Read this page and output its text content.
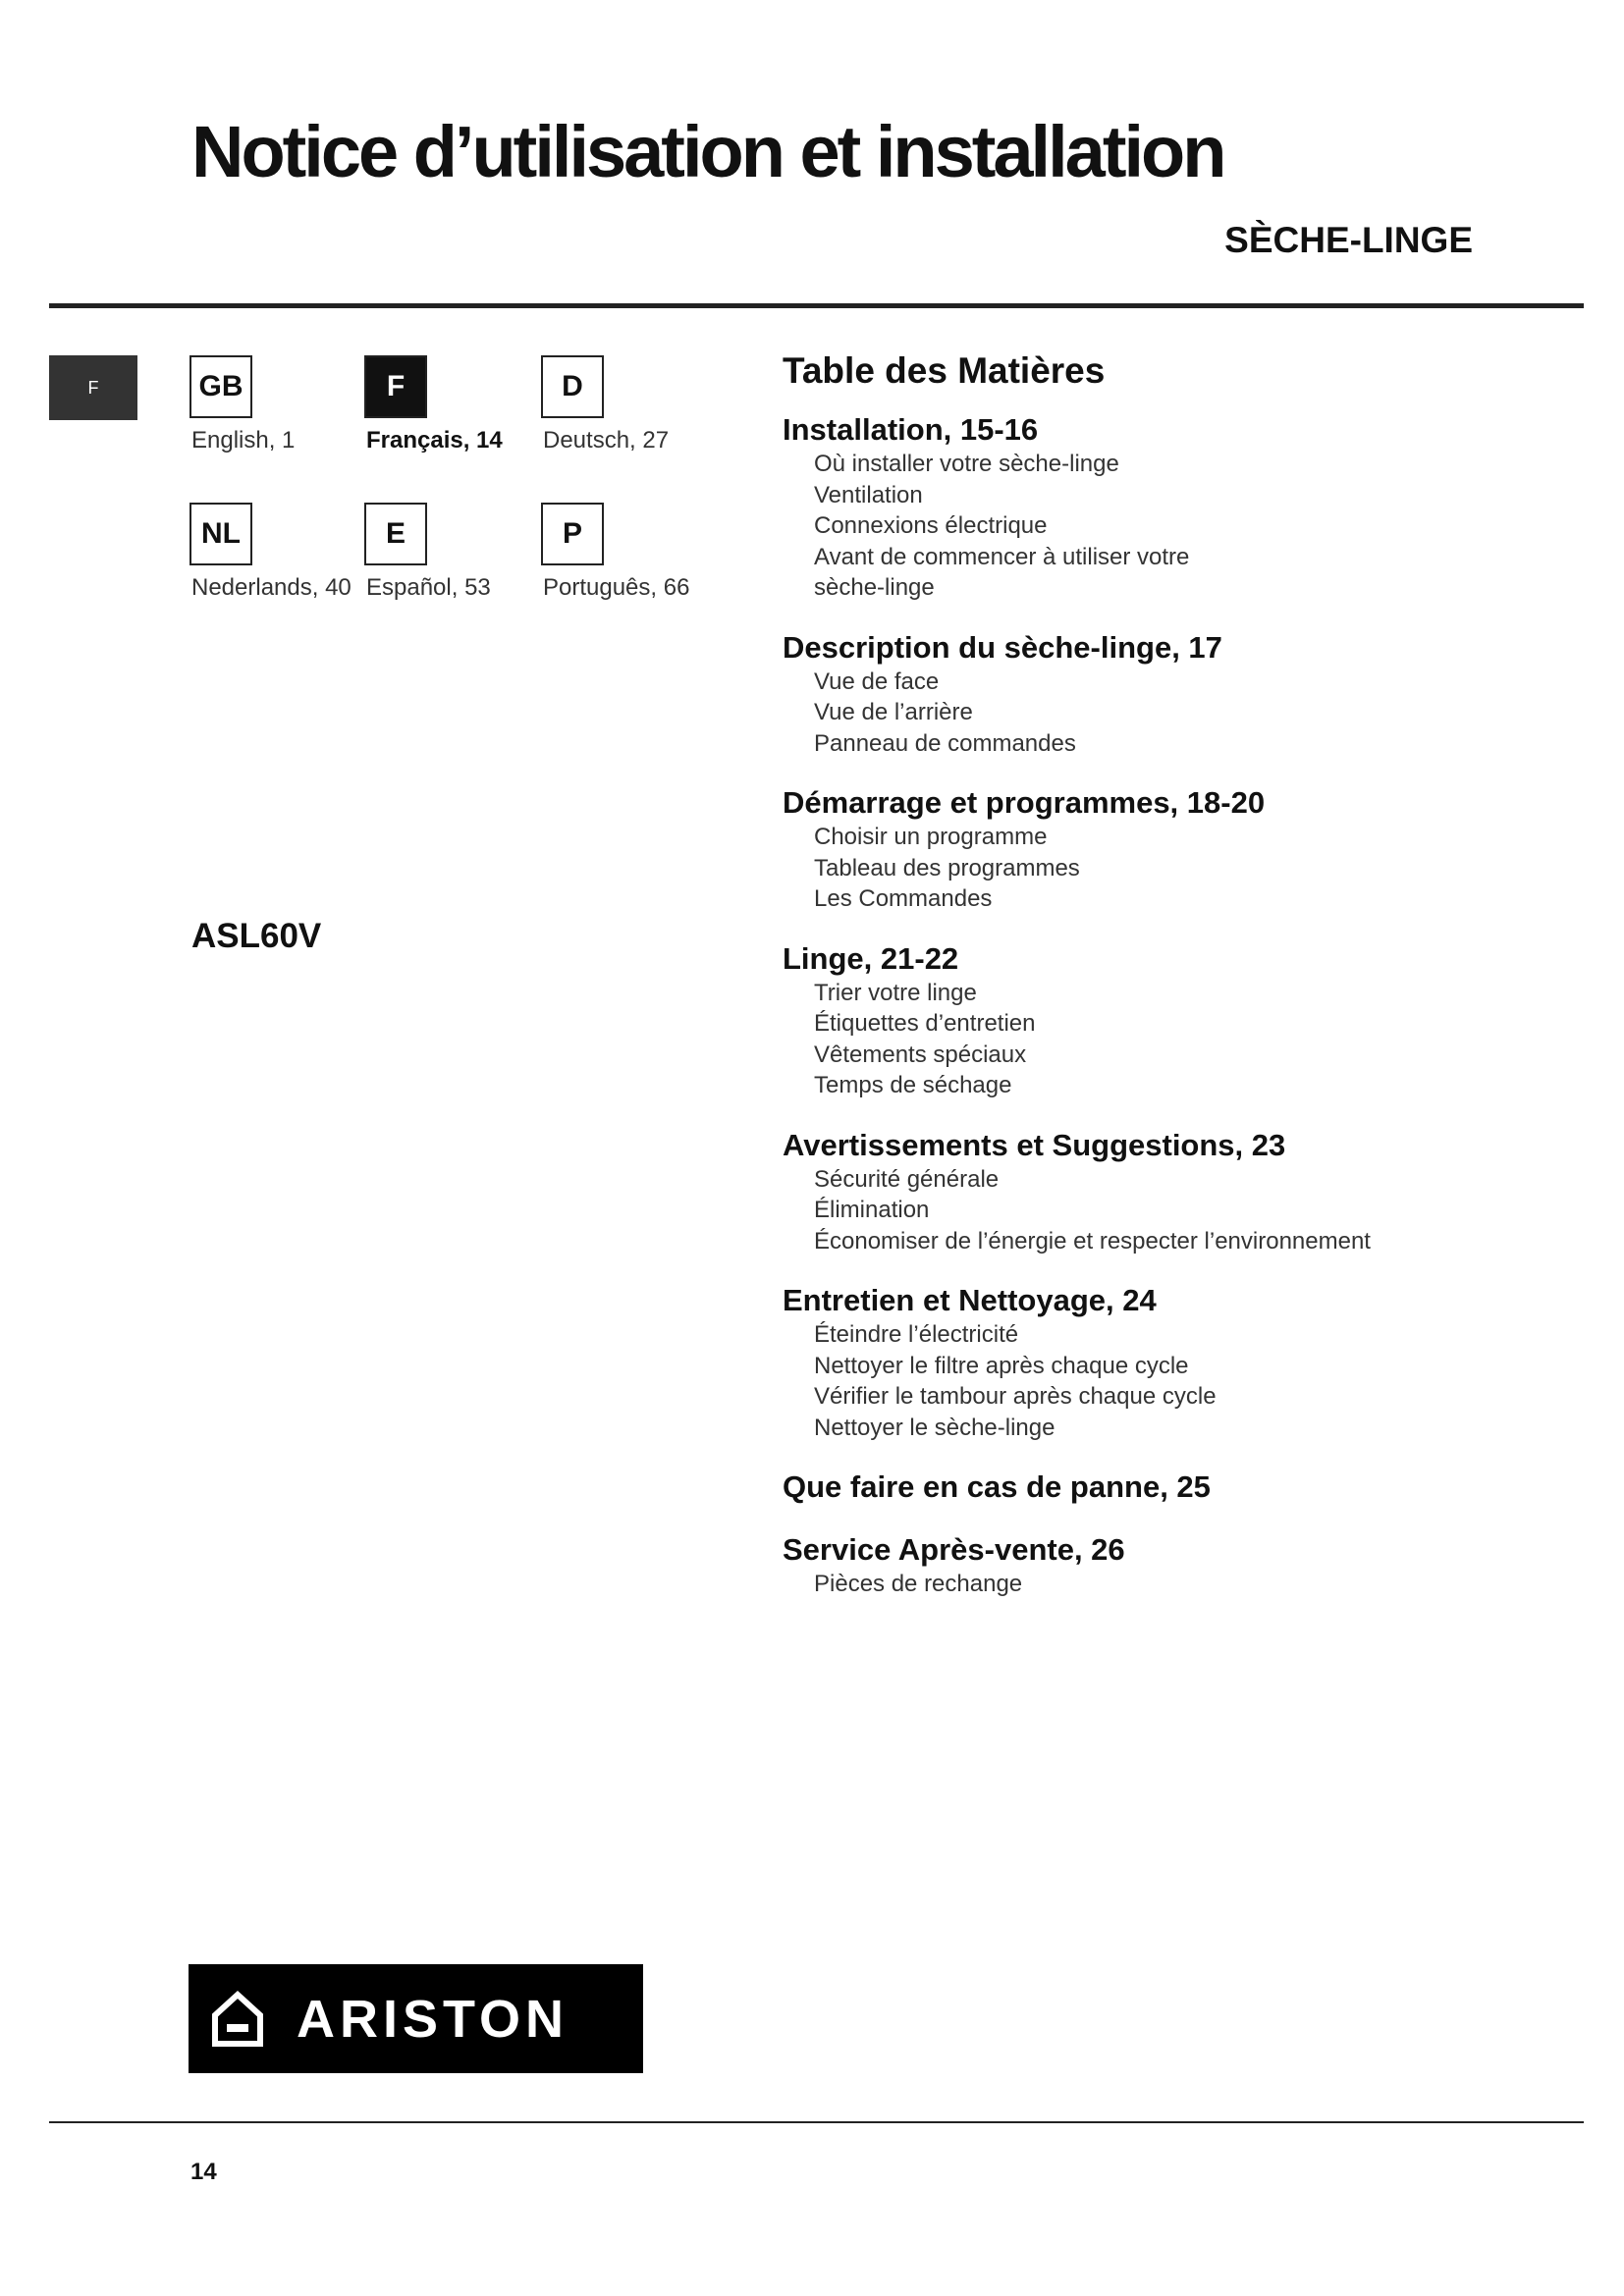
Notice d’utilisation et installation
SÈCHE-LINGE
F	GB
English, 1
F
Français, 14
D
Deutsch, 27
NL
Nederlands, 40
E
Español, 53
P
Português, 66
ASL60V
Table des Matières
Installation, 15-16
Où installer votre sèche-linge
Ventilation
Connexions électrique
Avant de commencer à utiliser votre sèche-linge
Description du sèche-linge, 17
Vue de face
Vue de l’arrière
Panneau de commandes
Démarrage et programmes, 18-20
Choisir un programme
Tableau des programmes
Les Commandes
Linge, 21-22
Trier votre linge
Étiquettes d’entretien
Vêtements spéciaux
Temps de séchage
Avertissements et Suggestions, 23
Sécurité générale
Élimination
Économiser de l’énergie et respecter l’environnement
Entretien et Nettoyage, 24
Éteindre l’électricité
Nettoyer le filtre après chaque cycle
Vérifier le tambour après chaque cycle
Nettoyer le sèche-linge
Que faire en cas de panne, 25
Service Après-vente, 26
Pièces de rechange
ARISTON
14
